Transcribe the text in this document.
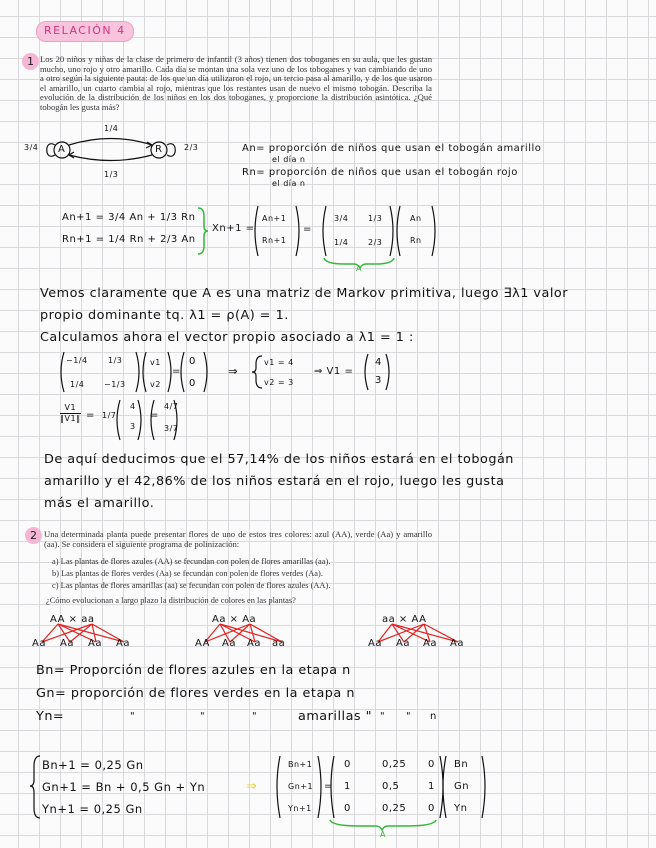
RELACIÓN 4
1 Los 20 niños y niñas de la clase de primero de infantil (3 años) tienen dos toboganes en su aula, que les gustan mucho, uno rojo y otro amarillo. Cada día se montan una sola vez uno de los toboganes y van cambiando de uno a otro según la siguiente pauta: de los que un día utilizaron el rojo, un tercio pasa al amarillo, y de los que usaron el amarillo, un cuarto cambia al rojo, mientras que los restantes usan de nuevo el mismo tobogán. Describa la evolución de la distribución de los niños en los dos toboganes, y proporcione la distribución asintótica. ¿Qué tobogán les gusta más?
A	R
3/4	2/3
1/4
1/3
An= proporción de niños que usan el tobogán amarillo
el día n
Rn= proporción de niños que usan el tobogán rojo
el día n
An+1 = 3/4 An + 1/3 Rn
Rn+1 = 1/4 Rn + 2/3 An
Xn+1 =
An+1
Rn+1
=
3/4 1/3
1/4 2/3
An
Rn
A
Vemos claramente que A es una matriz de Markov primitiva, luego ∃λ1 valor
propio dominante tq. λ1 = ρ(A) = 1.
Calculamos ahora el vector propio asociado a λ1 = 1 :
−1/4	1/3
1/4 −1/3
v1
v2
=
0
0
⇒
v1 = 4
v2 = 3
⇒ V1 =
4
3
V1
‖V1‖ = 1/7
4
3
=
4/7
3/7
De aquí deducimos que el 57,14% de los niños estará en el tobogán
amarillo y el 42,86% de los niños estará en el rojo, luego les gusta
más el amarillo.
2 Una determinada planta puede presentar flores de uno de estos tres colores: azul (AA), verde (Aa) y amarillo (aa). Se considera el siguiente programa de polinización:
a) Las plantas de flores azules (AA) se fecundan con polen de flores amarillas (aa).
b) Las plantas de flores verdes (Aa) se fecundan con polen de flores verdes (Aa).
c) Las plantas de flores amarillas (aa) se fecundan con polen de flores azules (AA).
¿Cómo evolucionan a largo plazo la distribución de colores en las plantas?
AA × aa
Aa Aa Aa Aa
Aa × Aa
AA Aa Aa aa
aa × AA
Aa Aa Aa Aa
Bn= Proporción de flores azules en la etapa n
Gn= proporción de flores verdes en la etapa n
Yn=	"	"	"	amarillas " " " n
Bn+1 = 0,25 Gn
Gn+1 = Bn + 0,5 Gn + Yn
Yn+1 = 0,25 Gn
⇒
Bn+1
Gn+1
Yn+1
=
0	0,25 0
1	0,5	1
0	0,25 0
Bn
Gn
Yn
A
